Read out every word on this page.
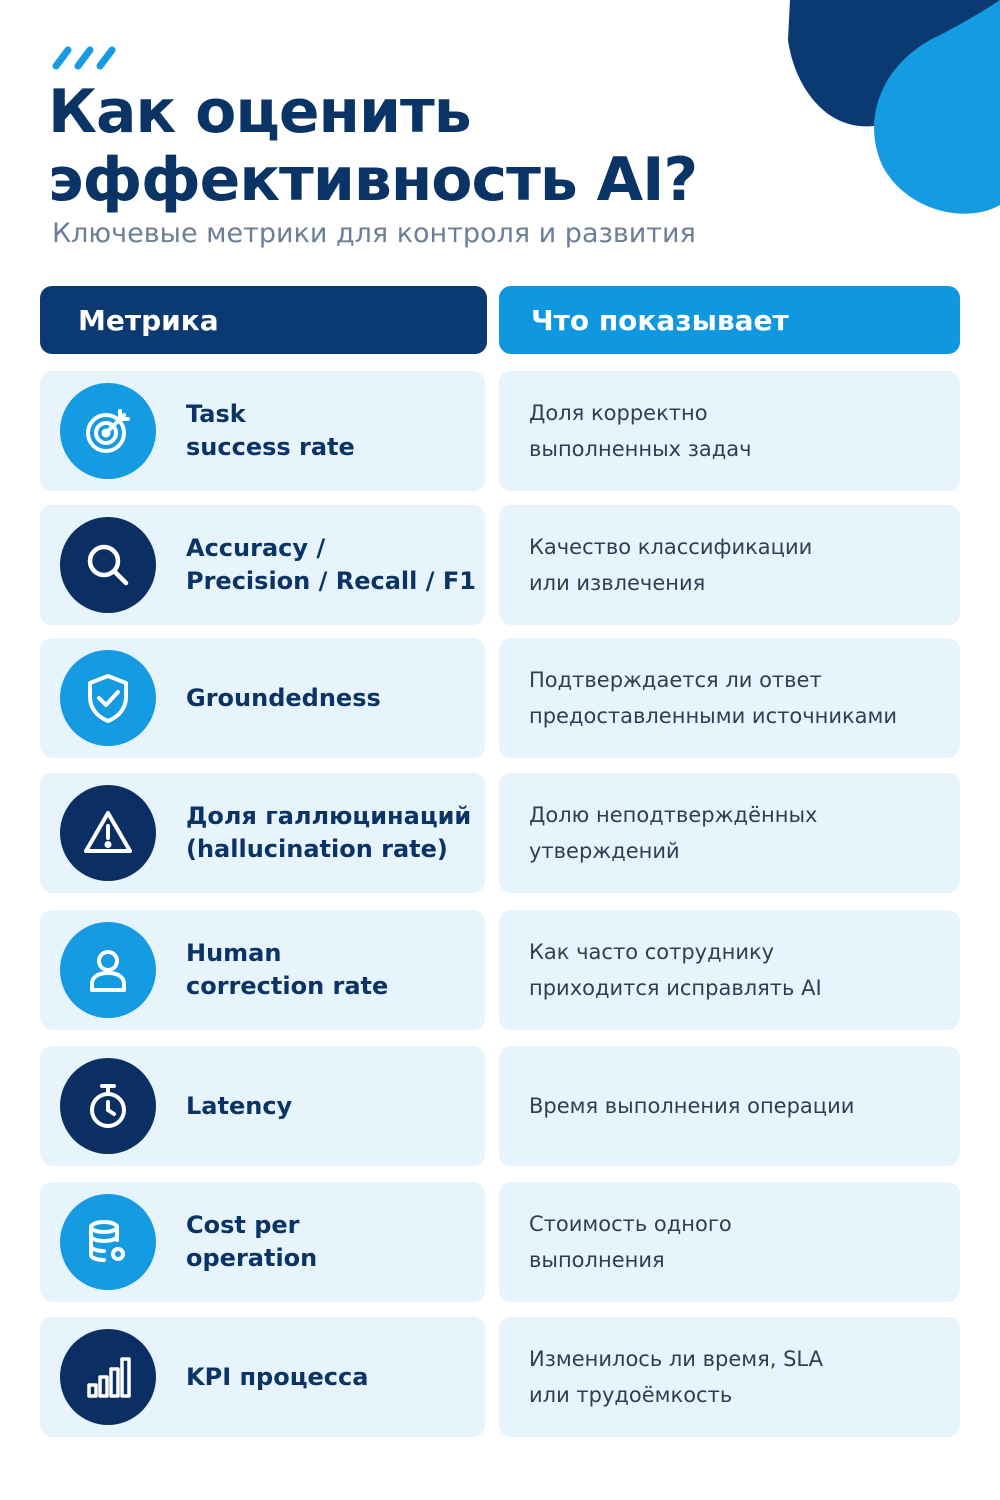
Как оценить
эффективность AI?
Ключевые метрики для контроля и развития
Метрика	Что показывает
Task
success rate
Доля корректно
выполненных задач
Accuracy /
Precision / Recall / F1
Качество классификации
или извлечения
Groundedness
Подтверждается ли ответ
предоставленными источниками
Доля галлюцинаций
(hallucination rate)
Долю неподтверждённых
утверждений
Human
correction rate
Как часто сотруднику
приходится исправлять AI
Latency	Время выполнения операции
Cost per
operation
Стоимость одного
выполнения
KPI процесса
Изменилось ли время, SLA
или трудоёмкость
